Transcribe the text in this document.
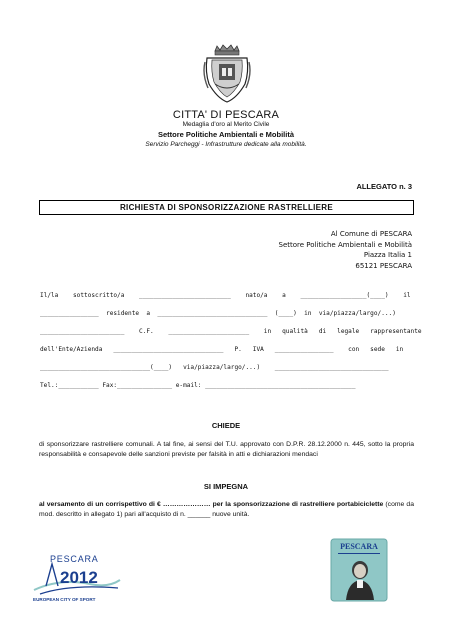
CITTA' DI PESCARA
Medaglia d'oro al Merito Civile
Settore Politiche Ambientali e Mobilità
Servizio Parcheggi - Infrastrutture dedicate alla mobilità.
ALLEGATO n. 3
RICHIESTA DI SPONSORIZZAZIONE RASTRELLIERE
Al Comune di PESCARA
Settore Politiche Ambientali e Mobilità
Piazza Italia 1
65121 PESCARA
Il/la    sottoscritto/a    _________________________    nato/a    a    __________________(____)    il
________________  residente  a  ______________________________  (____)  in  via/piazza/largo/...)
_______________________    C.F.    ______________________    in   qualità   di   legale   rappresentante
dell'Ente/Azienda   ______________________________   P.   IVA   ________________    con   sede   in
______________________________(____)   via/piazza/largo/...)    _______________________________
Tel.:___________ Fax:_______________ e-mail: _________________________________________
CHIEDE
di sponsorizzare rastrelliere comunali. A tal fine, ai sensi del T.U. approvato con D.P.R. 28.12.2000 n. 445, sotto la propria responsabilità e consapevole delle sanzioni previste per falsità in atti e dichiarazioni mendaci
SI IMPEGNA
al versamento di un corrispettivo di € ………………… per la sponsorizzazione di rastrelliere portabiciclette (come da mod. descritto in allegato 1) pari all'acquisto di n. ______ nuove unità.
PESCARA
2012
EUROPEAN CITY OF SPORT
PESCARA
